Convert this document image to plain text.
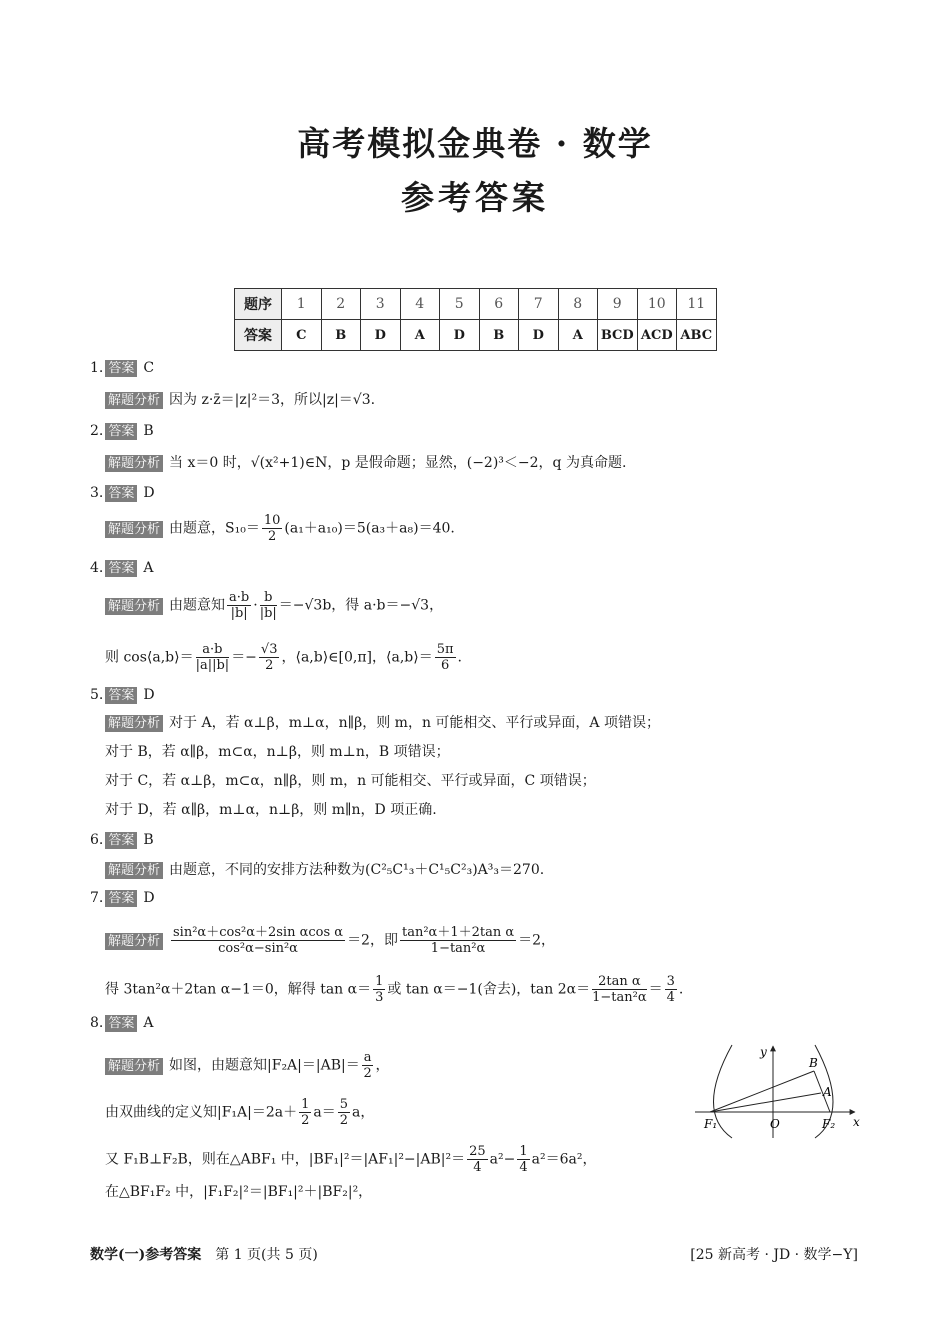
高考模拟金典卷 · 数学
参考答案
题序	1	2	3	4	5	6	7	8	9	10	11
答案	C	B	D	A	D	B	D	A	BCD	ACD	ABC
1. 答案 C
解题分析 因为 z·z̄＝|z|²＝3，所以|z|＝√3.
2. 答案 B
解题分析 当 x＝0 时，√(x²+1)∈N，p 是假命题；显然，(−2)³＜−2，q 为真命题.
3. 答案 D
解题分析 由题意，$S_{10}= \frac{10}{2} (a_1+a_{10})=5(a_3+a_8)=40$.
4. 答案 A
解题分析 由题意知 $\frac{a\cdot b}{|b|} \cdot \frac{b}{|b|} =-√3b$，得 a·b＝−√3，
则 cos⟨a,b⟩＝ $\frac{a\cdot b}{|a||b|} =- \frac{√3}{2}$ ，⟨a,b⟩∈[0,π]，⟨a,b⟩＝ $\frac{5\pi}{6}$ .
5. 答案 D
解题分析 对于 A，若 α⊥β，m⊥α，n∥β，则 m，n 可能相交、平行或异面，A 项错误；
对于 B，若 α∥β，m⊂α，n⊥β，则 m⊥n，B 项错误；
对于 C，若 α⊥β，m⊂α，n∥β，则 m，n 可能相交、平行或异面，C 项错误；
对于 D，若 α∥β，m⊥α，n⊥β，则 m∥n，D 项正确.
6. 答案 B
解题分析 由题意，不同的安排方法种数为(C²₅C¹₃＋C¹₅C²₃)A³₃＝270.
7. 答案 D
解题分析 $\frac{\text{sin²α＋cos²α＋2sin αcos α}}{\text{cos²α−sin²α}} =2$，即 $\frac{\text{tan²α＋1＋2tan α}}{\text{1−tan²α}} =2$，
得 3tan²α＋2tan α−1＝0，解得 $\tan \alpha= \frac{1}{3}$ 或 tan α＝−1(舍去)，$\tan 2\alpha= \frac{\text{2tan α}}{\text{1−tan²α}} = \frac{3}{4}$ .
8. 答案 A
解题分析 如图，由题意知$|F_2A|=|AB|= \frac{a}{2}$ ，
由双曲线的定义知$|F_1A|=2a+ \frac{1}{2} a= \frac{5}{2}$ a，
又 F₁B⊥F₂B，则在△ABF₁ 中，$|BF_1|^2=|AF_1|^2-|AB|^2= \frac{25}{4} a^2- \frac{1}{4} a^2=6a^2$，
在△BF₁F₂ 中，|F₁F₂|²＝|BF₁|²＋|BF₂|²，
y
x
O
B
A
F₁	F₂
数学(一)参考答案 第 1 页(共 5 页)	[25 新高考 · JD · 数学−Y]
